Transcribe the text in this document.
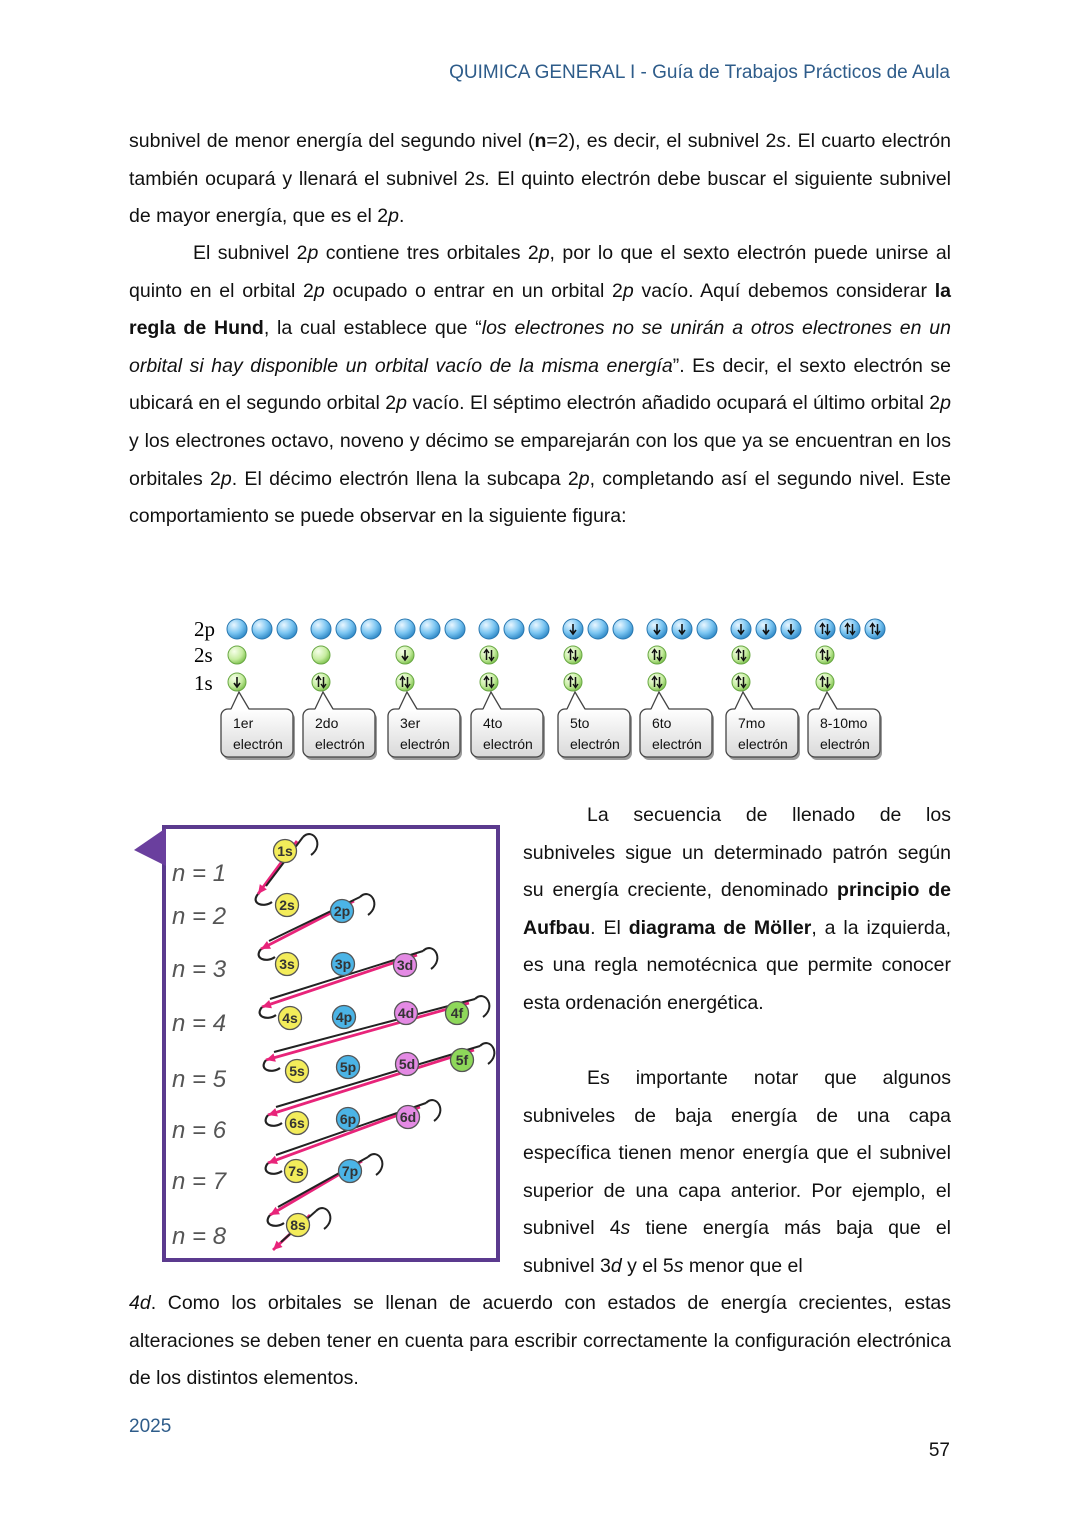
QUIMICA GENERAL I - Guía de Trabajos Prácticos de Aula

subnivel de menor energía del segundo nivel (n=2), es decir, el subnivel 2s. El cuarto electrón también ocupará y llenará el subnivel 2s. El quinto electrón debe buscar el siguiente subnivel de mayor energía, que es el 2p.

El subnivel 2p contiene tres orbitales 2p, por lo que el sexto electrón puede unirse al quinto en el orbital 2p ocupado o entrar en un orbital 2p vacío. Aquí debemos considerar la regla de Hund, la cual establece que “los electrones no se unirán a otros electrones en un orbital si hay disponible un orbital vacío de la misma energía”. Es decir, el sexto electrón se ubicará en el segundo orbital 2p vacío. El séptimo electrón añadido ocupará el último orbital 2p y los electrones octavo, noveno y décimo se emparejarán con los que ya se encuentran en los orbitales 2p. El décimo electrón llena la subcapa 2p, completando así el segundo nivel. Este comportamiento se puede observar en la siguiente figura:

2p
2s
1s
1er
electrón
2do
electrón
3er
electrón
4to
electrón
5to
electrón
6to
electrón
7mo
electrón
8-10mo
electrón
n = 1
n = 2
n = 3
n = 4
n = 5
n = 6
n = 7
n = 8
1s
2s	2p
3s	3p	3d
4s	4p	4d	4f
5s	5p	5d	5f
6s	6p	6d
7s	7p
8s

La secuencia de llenado de los subniveles sigue un determinado patrón según su energía creciente, denominado principio de Aufbau. El diagrama de Möller, a la izquierda, es una regla nemotécnica que permite conocer esta ordenación energética.

Es importante notar que algunos subniveles de baja energía de una capa específica tienen menor energía que el subnivel superior de una capa anterior. Por ejemplo, el subnivel 4s tiene energía más baja que el subnivel 3d y el 5s menor que el

4d. Como los orbitales se llenan de acuerdo con estados de energía crecientes, estas alteraciones se deben tener en cuenta para escribir correctamente la configuración electrónica de los distintos elementos.

2025
57
